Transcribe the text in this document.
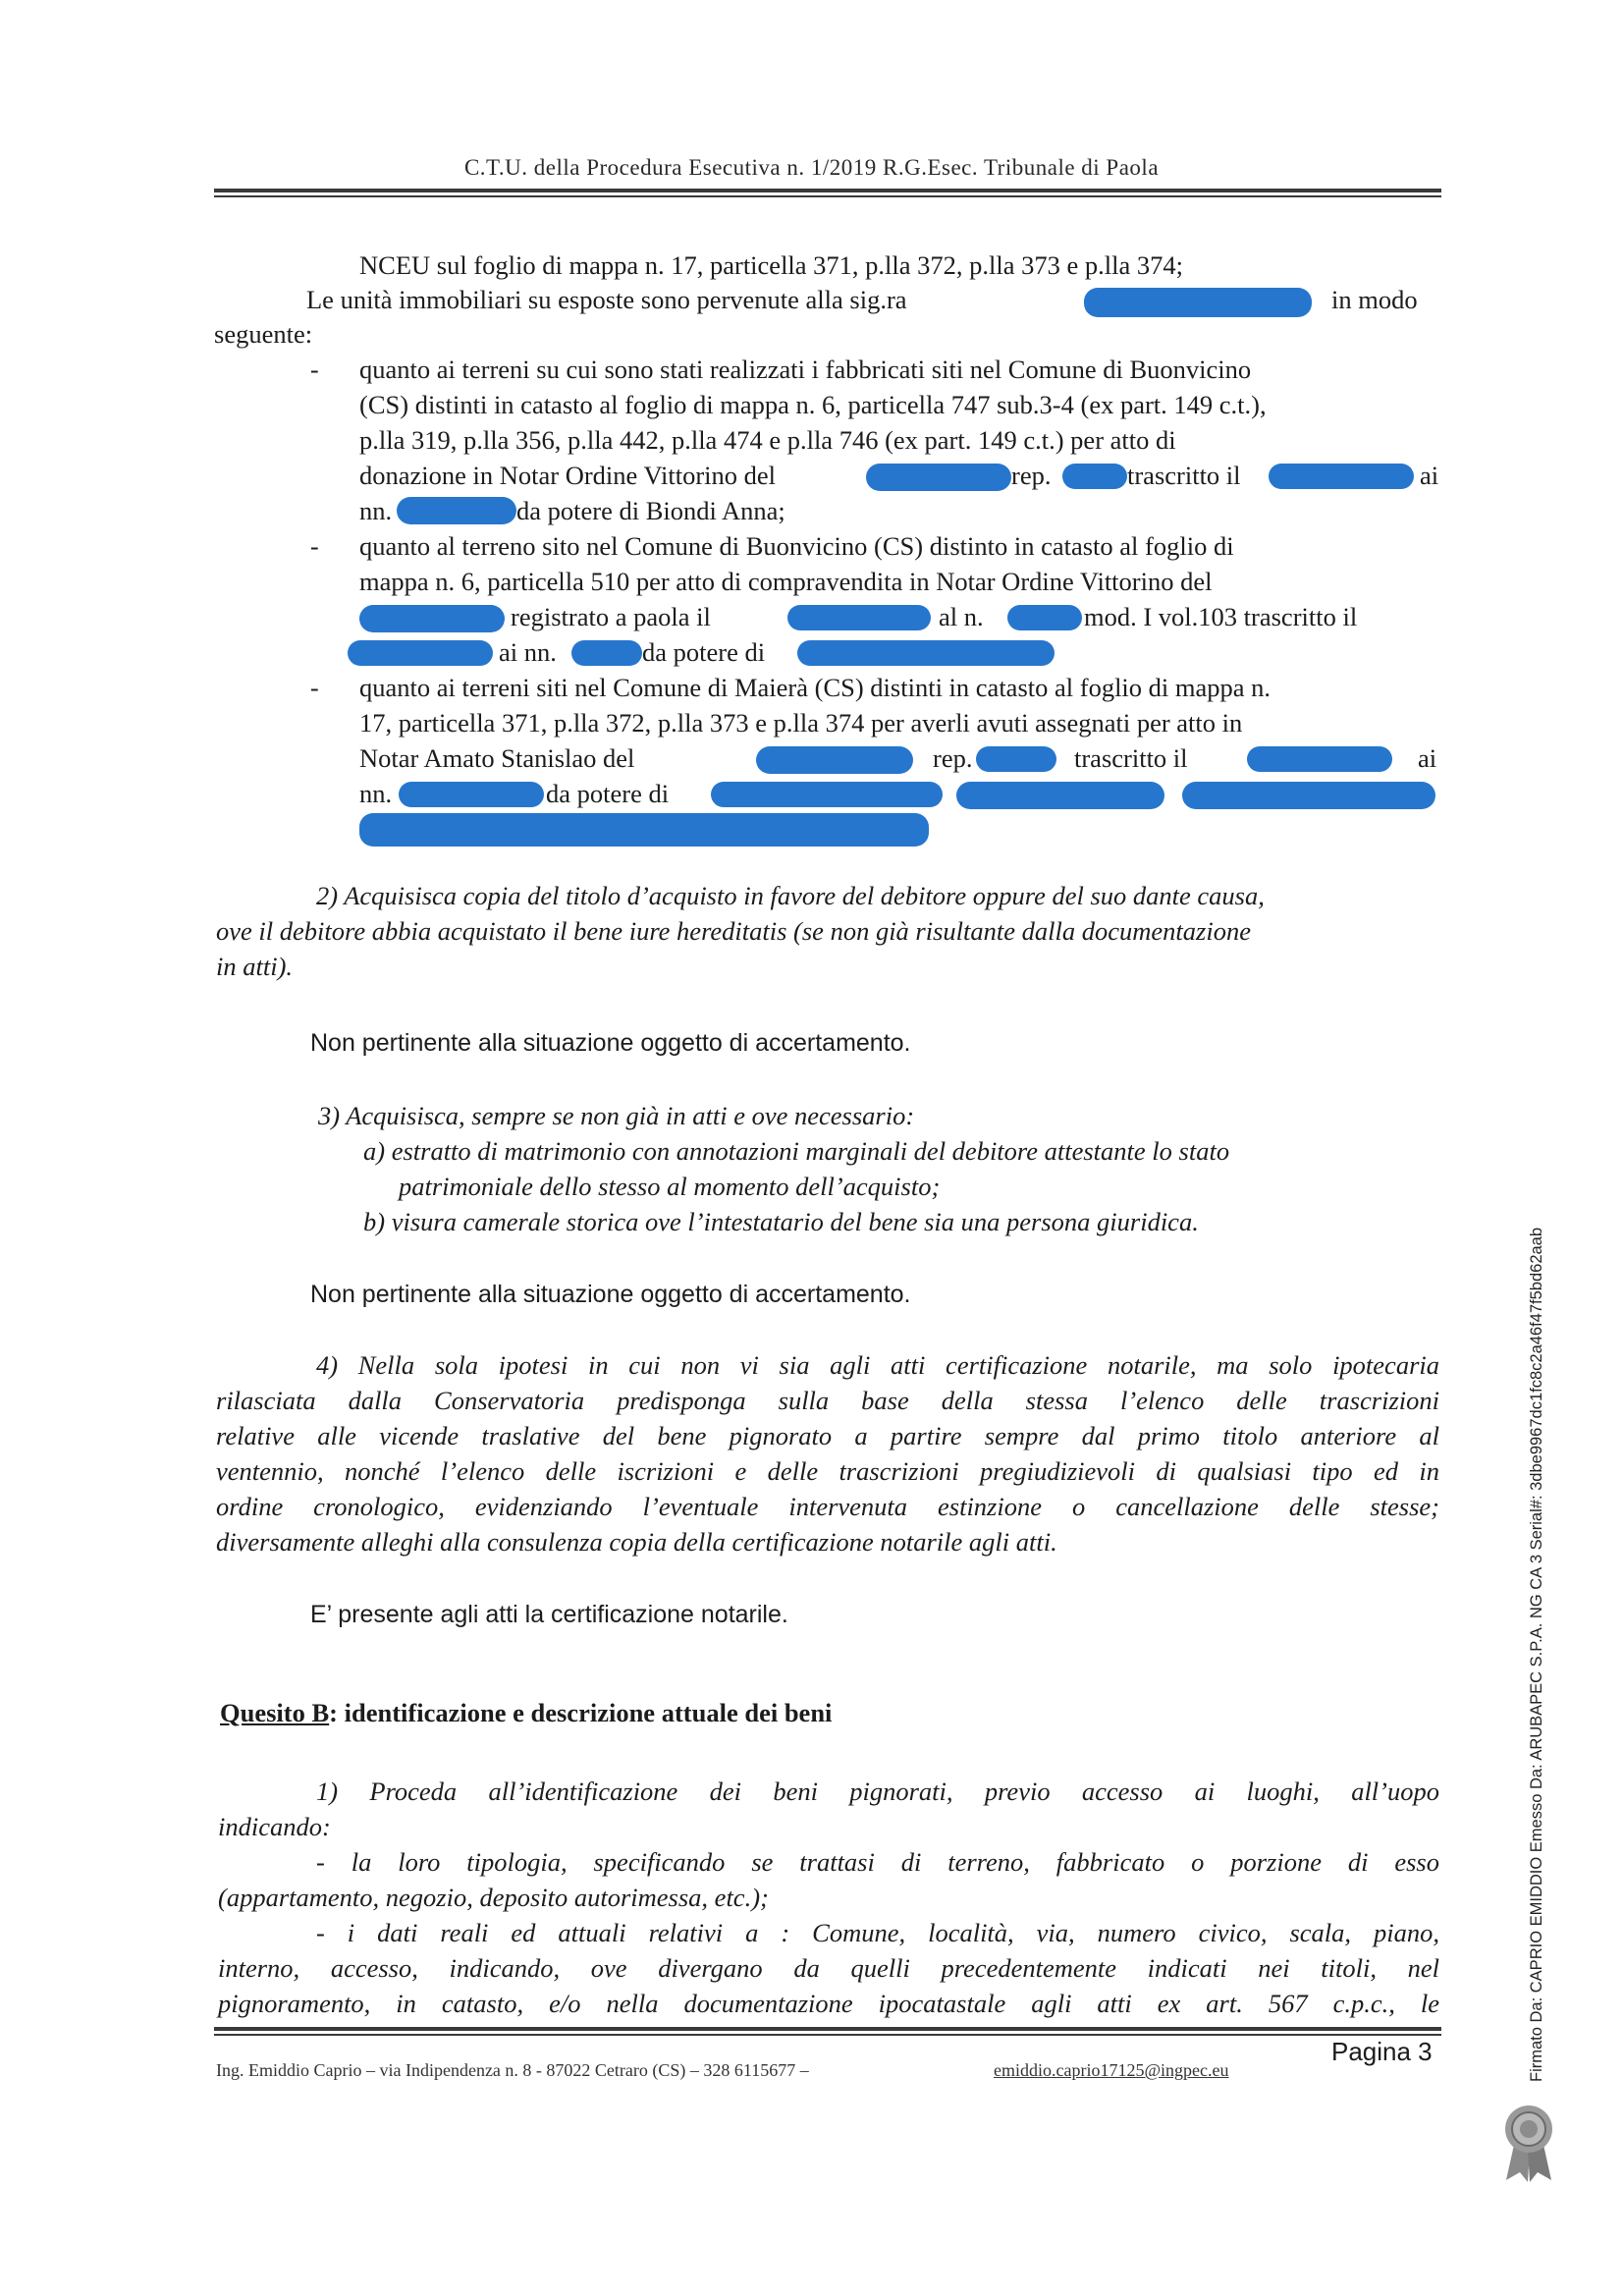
C.T.U. della Procedura Esecutiva n. 1/2019 R.G.Esec. Tribunale di Paola
NCEU sul foglio di mappa n. 17, particella 371, p.lla 372, p.lla 373 e p.lla 374;
Le unità immobiliari su esposte sono pervenute alla sig.ra	in modo
seguente:
- quanto ai terreni su cui sono stati realizzati i fabbricati siti nel Comune di Buonvicino
(CS) distinti in catasto al foglio di mappa n. 6, particella 747 sub.3-4 (ex part. 149 c.t.),
p.lla 319, p.lla 356, p.lla 442, p.lla 474 e p.lla 746 (ex part. 149 c.t.) per atto di
donazione in Notar Ordine Vittorino del	rep.	trascritto il	ai
nn.	da potere di Biondi Anna;
- quanto al terreno sito nel Comune di Buonvicino (CS) distinto in catasto al foglio di
mappa n. 6, particella 510 per atto di compravendita in Notar Ordine Vittorino del
registrato a paola il	al n.	mod. I vol.103 trascritto il
ai nn.	da potere di
- quanto ai terreni siti nel Comune di Maierà (CS) distinti in catasto al foglio di mappa n.
17, particella 371, p.lla 372, p.lla 373 e p.lla 374 per averli avuti assegnati per atto in
Notar Amato Stanislao del	rep.	trascritto il	ai
nn.	da potere di
2) Acquisisca copia del titolo d’acquisto in favore del debitore oppure del suo dante causa,
ove il debitore abbia acquistato il bene iure hereditatis (se non già risultante dalla documentazione
in atti).
Non pertinente alla situazione oggetto di accertamento.
3) Acquisisca, sempre se non già in atti e ove necessario:
a) estratto di matrimonio con annotazioni marginali del debitore attestante lo stato
patrimoniale dello stesso al momento dell’acquisto;
b) visura camerale storica ove l’intestatario del bene sia una persona giuridica.
Non pertinente alla situazione oggetto di accertamento.
4) Nella sola ipotesi in cui non vi sia agli atti certificazione notarile, ma solo ipotecaria
rilasciata dalla Conservatoria predisponga sulla base della stessa l’elenco delle trascrizioni
relative alle vicende traslative del bene pignorato a partire sempre dal primo titolo anteriore al
ventennio, nonché l’elenco delle iscrizioni e delle trascrizioni pregiudizievoli di qualsiasi tipo ed in
ordine cronologico, evidenziando l’eventuale intervenuta estinzione o cancellazione delle stesse;
diversamente alleghi alla consulenza copia della certificazione notarile agli atti.
E’ presente agli atti la certificazione notarile.
Quesito B: identificazione e descrizione attuale dei beni
1) Proceda all’identificazione dei beni pignorati, previo accesso ai luoghi, all’uopo
indicando:
- la loro tipologia, specificando se trattasi di terreno, fabbricato o porzione di esso
(appartamento, negozio, deposito autorimessa, etc.);
- i dati reali ed attuali relativi a : Comune, località, via, numero civico, scala, piano,
interno, accesso, indicando, ove divergano da quelli precedentemente indicati nei titoli, nel
pignoramento, in catasto, e/o nella documentazione ipocatastale agli atti ex art. 567 c.p.c., le
Ing. Emiddio Caprio – via Indipendenza n. 8 - 87022 Cetraro (CS) – 328 6115677 –	emiddio.caprio17125@ingpec.eu
Pagina 3	Firmato Da: CAPRIO EMIDDIO Emesso Da: ARUBAPEC S.P.A. NG CA 3 Serial#: 3dbe9967dc1fc8c2a46f47f5bd62aab
